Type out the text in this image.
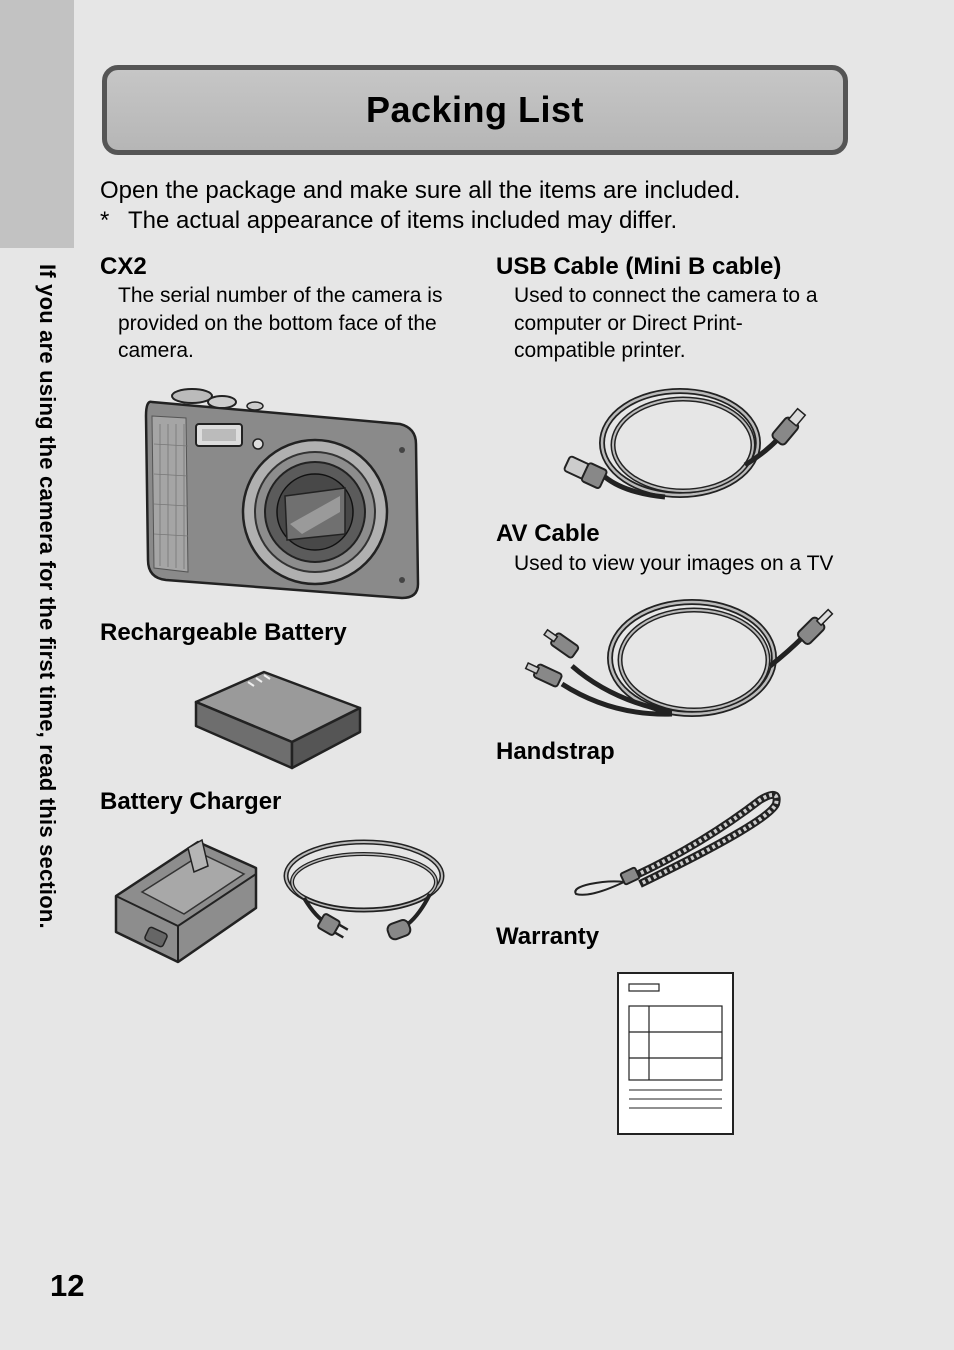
If you are using the camera for the first time, read this section.
Packing List
Open the package and make sure all the items are included.
* The actual appearance of items included may differ.
CX2
The serial number of the camera is
provided on the bottom face of the
camera.
USB Cable (Mini B cable)
Used to connect the camera to a
computer or Direct Print-
compatible printer.
AV Cable
Used to view your images on a TV
Rechargeable Battery
Handstrap
Battery Charger
Warranty
12
